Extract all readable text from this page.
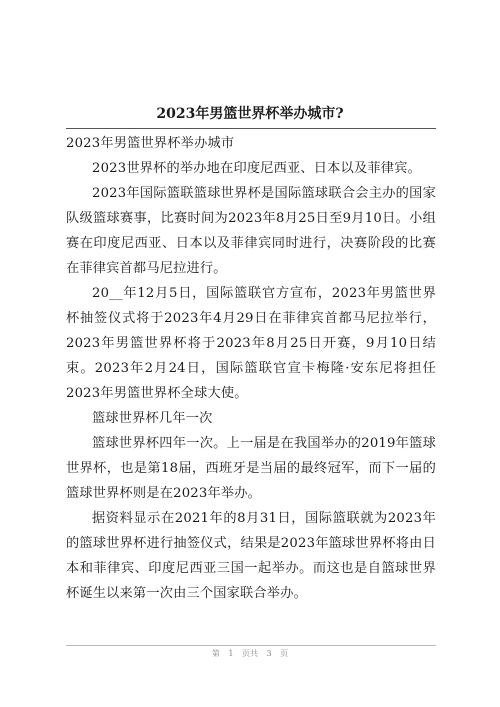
2023年男篮世界杯举办城市?

2023年男篮世界杯举办城市

2023世界杯的举办地在印度尼西亚、日本以及菲律宾。

2023年国际篮联篮球世界杯是国际篮球联合会主办的国家队级篮球赛事，比赛时间为2023年8月25日至9月10日。小组赛在印度尼西亚、日本以及菲律宾同时进行，决赛阶段的比赛在菲律宾首都马尼拉进行。

20__年12月5日，国际篮联官方宣布，2023年男篮世界杯抽签仪式将于2023年4月29日在菲律宾首都马尼拉举行，2023年男篮世界杯将于2023年8月25日开赛，9月10日结束。2023年2月24日，国际篮联官宣卡梅隆·安东尼将担任2023年男篮世界杯全球大使。

篮球世界杯几年一次

篮球世界杯四年一次。上一届是在我国举办的2019年篮球世界杯，也是第18届，西班牙是当届的最终冠军，而下一届的篮球世界杯则是在2023年举办。

据资料显示在2021年的8月31日，国际篮联就为2023年的篮球世界杯进行抽签仪式，结果是2023年篮球世界杯将由日本和菲律宾、印度尼西亚三国一起举办。而这也是自篮球世界杯诞生以来第一次由三个国家联合举办。

第 1 页共 3 页
